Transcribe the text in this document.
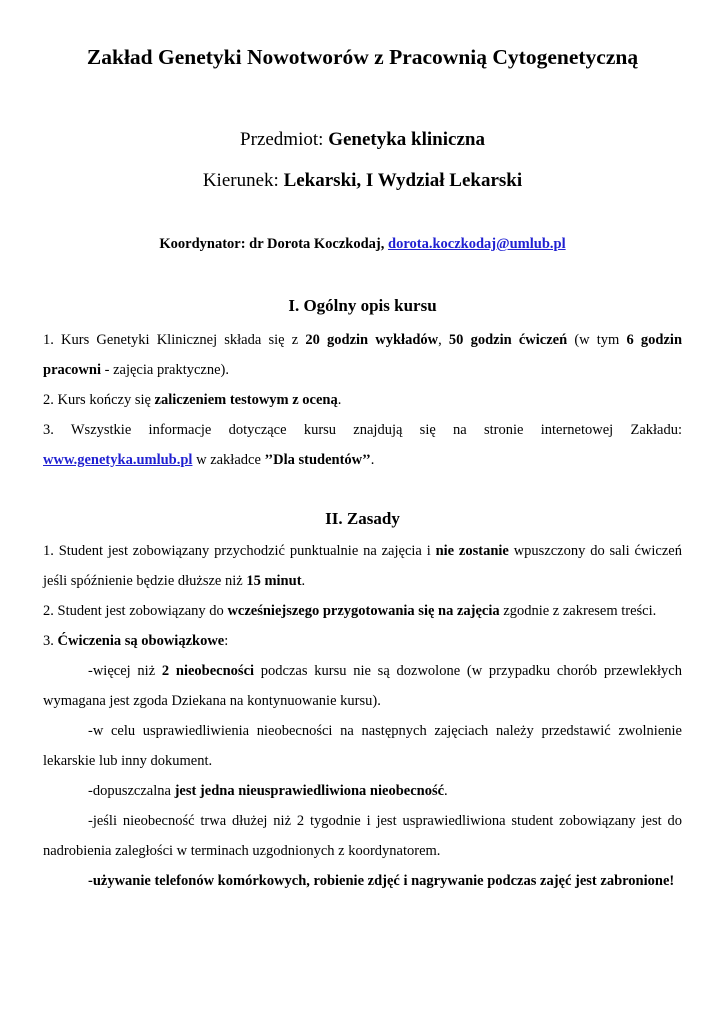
Zakład Genetyki Nowotworów z Pracownią Cytogenetyczną
Przedmiot: Genetyka kliniczna
Kierunek: Lekarski, I Wydział Lekarski
Koordynator: dr Dorota Koczkodaj, dorota.koczkodaj@umlub.pl
I. Ogólny opis kursu

1. Kurs Genetyki Klinicznej składa się z 20 godzin wykładów, 50 godzin ćwiczeń (w tym 6 godzin pracowni - zajęcia praktyczne).

2. Kurs kończy się zaliczeniem testowym z oceną.

3. Wszystkie informacje dotyczące kursu znajdują się na stronie internetowej Zakładu: www.genetyka.umlub.pl w zakładce ’’Dla studentów’’.

II. Zasady

1. Student jest zobowiązany przychodzić punktualnie na zajęcia i nie zostanie wpuszczony do sali ćwiczeń jeśli spóźnienie będzie dłuższe niż 15 minut.

2. Student jest zobowiązany do wcześniejszego przygotowania się na zajęcia zgodnie z zakresem treści.

3. Ćwiczenia są obowiązkowe:

-więcej niż 2 nieobecności podczas kursu nie są dozwolone (w przypadku chorób przewlekłych wymagana jest zgoda Dziekana na kontynuowanie kursu).

-w celu usprawiedliwienia nieobecności na następnych zajęciach należy przedstawić zwolnienie lekarskie lub inny dokument.

-dopuszczalna jest jedna nieusprawiedliwiona nieobecność.

-jeśli nieobecność trwa dłużej niż 2 tygodnie i jest usprawiedliwiona student zobowiązany jest do nadrobienia zaległości w terminach uzgodnionych z koordynatorem.

-używanie telefonów komórkowych, robienie zdjęć i nagrywanie podczas zajęć jest zabronione!
